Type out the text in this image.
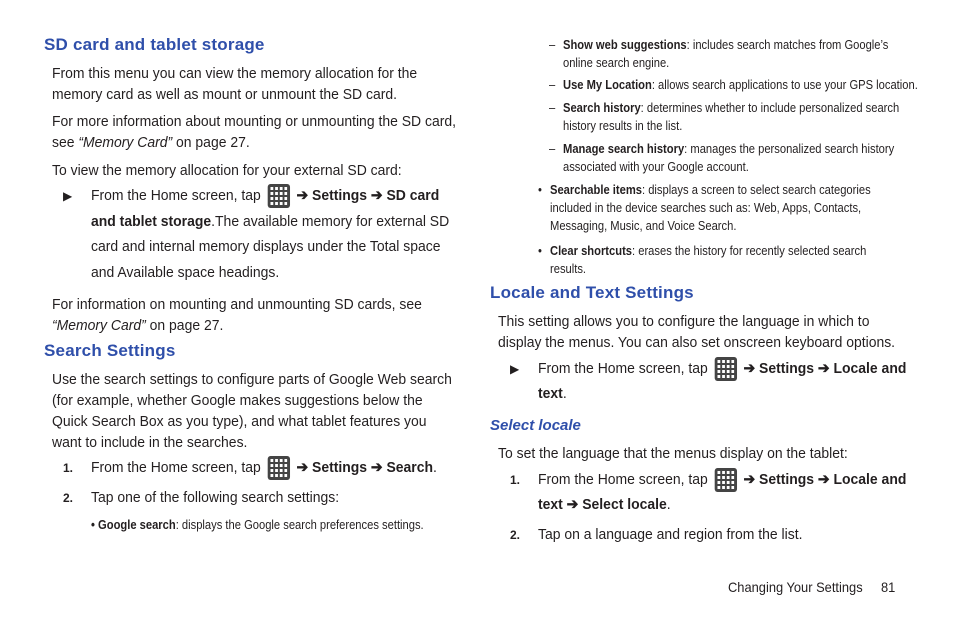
SD card and tablet storage
From this menu you can view the memory allocation for the
memory card as well as mount or unmount the SD card.
For more information about mounting or unmounting the SD card,
see “Memory Card” on page 27.
To view the memory allocation for your external SD card:
▶ From the Home screen, tap
➔ Settings ➔ SD card
and tablet storage.The available memory for external SD
card and internal memory displays under the Total space
and Available space headings.
For information on mounting and unmounting SD cards, see
“Memory Card” on page 27.
Search Settings
Use the search settings to configure parts of Google Web search
(for example, whether Google makes suggestions below the
Quick Search Box as you type), and what tablet features you
want to include in the searches.
1. From the Home screen, tap
➔ Settings ➔ Search.
2. Tap one of the following search settings:
• Google search: displays the Google search preferences settings.
– Show web suggestions: includes search matches from Google’s
online search engine.
– Use My Location: allows search applications to use your GPS location.
– Search history: determines whether to include personalized search
history results in the list.
– Manage search history: manages the personalized search history
associated with your Google account.
• Searchable items: displays a screen to select search categories
included in the device searches such as: Web, Apps, Contacts,
Messaging, Music, and Voice Search.
• Clear shortcuts: erases the history for recently selected search
results.
Locale and Text Settings
This setting allows you to configure the language in which to
display the menus. You can also set onscreen keyboard options.
▶ From the Home screen, tap
➔ Settings ➔ Locale and
text.
Select locale
To set the language that the menus display on the tablet:
1. From the Home screen, tap
➔ Settings ➔ Locale and
text ➔ Select locale.
2. Tap on a language and region from the list.
Changing Your Settings 81
